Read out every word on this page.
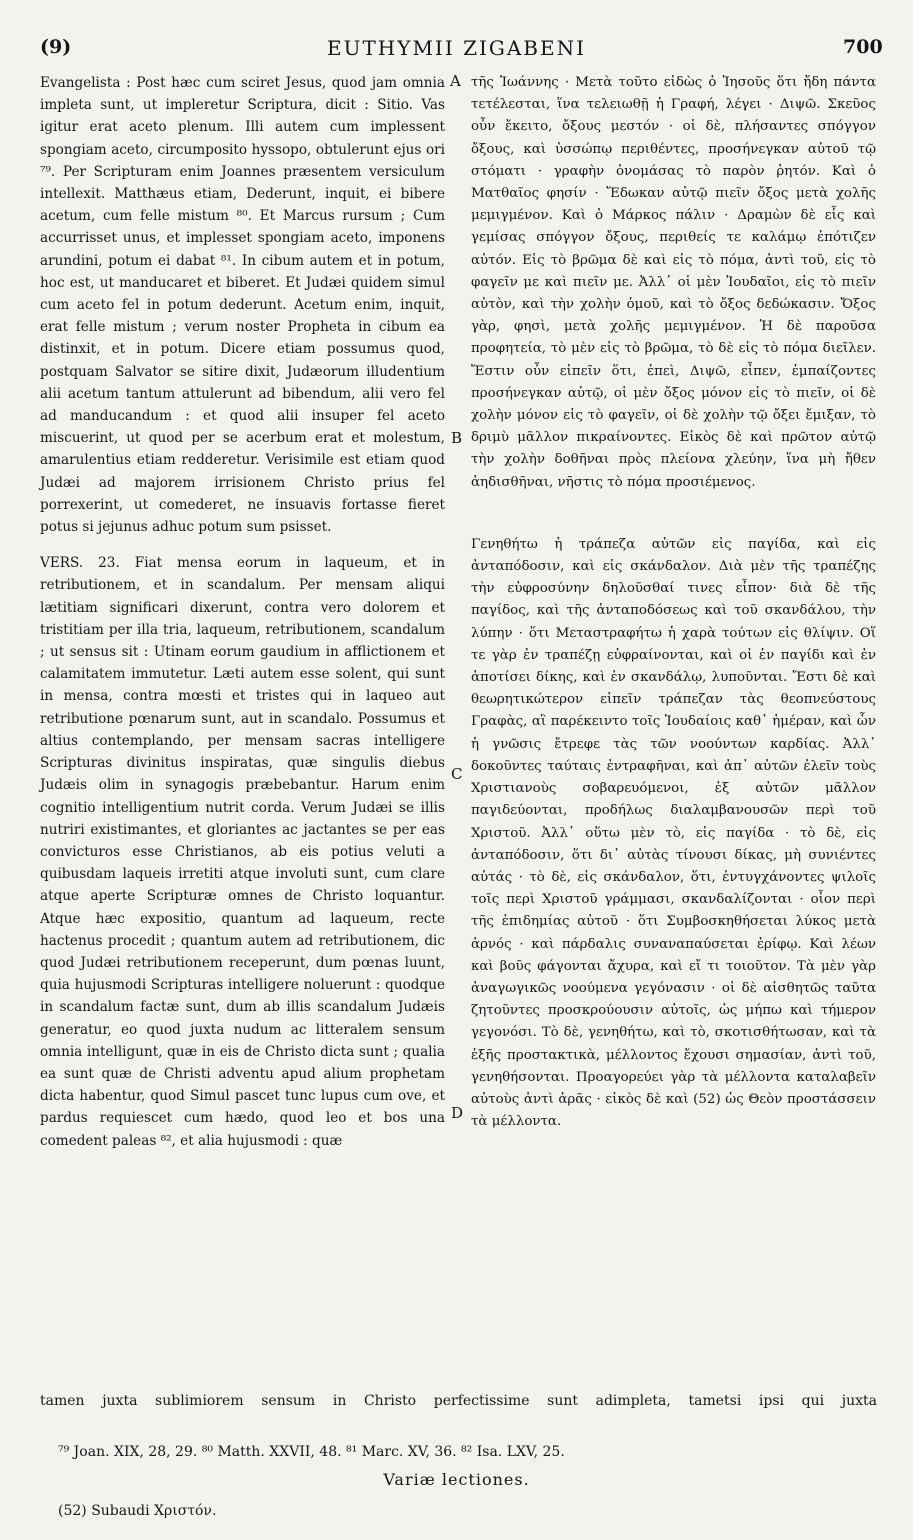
(9)	EUTHYMII ZIGABENI	700

Evangelista : Post hæc cum sciret Jesus, quod jam omnia impleta sunt, ut impleretur Scriptura, dicit : Sitio. Vas igitur erat aceto plenum. Illi autem cum implessent spongiam aceto, circumposito hyssopo, obtulerunt ejus ori ⁷⁹. Per Scripturam enim Joannes præsentem versiculum intellexit. Matthæus etiam, Dederunt, inquit, ei bibere acetum, cum felle mistum ⁸⁰. Et Marcus rursum ; Cum accurrisset unus, et implesset spongiam aceto, imponens arundini, potum ei dabat ⁸¹. In cibum autem et in potum, hoc est, ut manducaret et biberet. Et Judæi quidem simul cum aceto fel in potum dederunt. Acetum enim, inquit, erat felle mistum ; verum noster Propheta in cibum ea distinxit, et in potum. Dicere etiam possumus quod, postquam Salvator se sitire dixit, Judæorum illudentium alii acetum tantum attulerunt ad bibendum, alii vero fel ad manducandum : et quod alii insuper fel aceto miscuerint, ut quod per se acerbum erat et molestum, amarulentius etiam redderetur. Verisimile est etiam quod Judæi ad majorem irrisionem Christo prius fel porrexerint, ut comederet, ne insuavis fortasse fieret potus si jejunus adhuc potum sum psisset.

VERS. 23. Fiat mensa eorum in laqueum, et in retributionem, et in scandalum. Per mensam aliqui lætitiam significari dixerunt, contra vero dolorem et tristitiam per illa tria, laqueum, retributionem, scandalum ; ut sensus sit : Utinam eorum gaudium in afflictionem et calamitatem immutetur. Læti autem esse solent, qui sunt in mensa, contra mœsti et tristes qui in laqueo aut retributione pœnarum sunt, aut in scandalo. Possumus et altius contemplando, per mensam sacras intelligere Scripturas divinitus inspiratas, quæ singulis diebus Judæis olim in synagogis præbebantur. Harum enim cognitio intelligentium nutrit corda. Verum Judæi se illis nutriri existimantes, et gloriantes ac jactantes se per eas convicturos esse Christianos, ab eis potius veluti a quibusdam laqueis irretiti atque involuti sunt, cum clare atque aperte Scripturæ omnes de Christo loquantur. Atque hæc expositio, quantum ad laqueum, recte hactenus procedit ; quantum autem ad retributionem, dic quod Judæi retributionem receperunt, dum pœnas luunt, quia hujusmodi Scripturas intelligere noluerunt : quodque in scandalum factæ sunt, dum ab illis scandalum Judæis generatur, eo quod juxta nudum ac litteralem sensum omnia intelligunt, quæ in eis de Christo dicta sunt ; qualia ea sunt quæ de Christi adventu apud alium prophetam dicta habentur, quod Simul pascet tunc lupus cum ove, et pardus requiescet cum hædo, quod leo et bos una comedent paleas ⁸², et alia hujusmodi : quæ

τῆς Ἰωάννης · Μετὰ τοῦτο εἰδὼς ὁ Ἰησοῦς ὅτι ἤδη πάντα τετέλεσται, ἵνα τελειωθῇ ἡ Γραφή, λέγει · Διψῶ. Σκεῦος οὖν ἔκειτο, ὄξους μεστόν · οἱ δὲ, πλήσαντες σπόγγον ὄξους, καὶ ὑσσώπῳ περιθέντες, προσήνεγκαν αὐτοῦ τῷ στόματι · γραφὴν ὀνομάσας τὸ παρὸν ῥητόν. Καὶ ὁ Ματθαῖος φησίν · Ἔδωκαν αὐτῷ πιεῖν ὄξος μετὰ χολῆς μεμιγμένον. Καὶ ὁ Μάρκος πάλιν · Δραμὼν δὲ εἷς καὶ γεμίσας σπόγγον ὄξους, περιθείς τε καλάμῳ ἐπότιζεν αὐτόν. Εἰς τὸ βρῶμα δὲ καὶ εἰς τὸ πόμα, ἀντὶ τοῦ, εἰς τὸ φαγεῖν με καὶ πιεῖν με. Ἀλλ᾽ οἱ μὲν Ἰουδαῖοι, εἰς τὸ πιεῖν αὐτὸν, καὶ τὴν χολὴν ὁμοῦ, καὶ τὸ ὄξος δεδώκασιν. Ὄξος γὰρ, φησὶ, μετὰ χολῆς μεμιγμένον. Ἡ δὲ παροῦσα προφητεία, τὸ μὲν εἰς τὸ βρῶμα, τὸ δὲ εἰς τὸ πόμα διεῖλεν. Ἔστιν οὖν εἰπεῖν ὅτι, ἐπεὶ, Διψῶ, εἶπεν, ἐμπαίζοντες προσήνεγκαν αὐτῷ, οἱ μὲν ὄξος μόνον εἰς τὸ πιεῖν, οἱ δὲ χολὴν μόνον εἰς τὸ φαγεῖν, οἱ δὲ χολὴν τῷ ὄξει ἔμιξαν, τὸ δριμὺ μᾶλλον πικραίνοντες. Εἰκὸς δὲ καὶ πρῶτον αὐτῷ τὴν χολὴν δοθῆναι πρὸς πλείονα χλεύην, ἵνα μὴ ἤθεν ἀηδισθῆναι, νῆστις τὸ πόμα προσιέμενος.

Γενηθήτω ἡ τράπεζα αὐτῶν εἰς παγίδα, καὶ εἰς ἀνταπόδοσιν, καὶ εἰς σκάνδαλον. Διὰ μὲν τῆς τραπέζης τὴν εὐφροσύνην δηλοῦσθαί τινες εἶπον· διὰ δὲ τῆς παγίδος, καὶ τῆς ἀνταποδόσεως καὶ τοῦ σκανδάλου, τὴν λύπην · ὅτι Μεταστραφήτω ἡ χαρὰ τούτων εἰς θλίψιν. Οἵ τε γὰρ ἐν τραπέζῃ εὐφραίνονται, καὶ οἱ ἐν παγίδι καὶ ἐν ἀποτίσει δίκης, καὶ ἐν σκανδάλῳ, λυποῦνται. Ἔστι δὲ καὶ θεωρητικώτερον εἰπεῖν τράπεζαν τὰς θεοπνεύστους Γραφὰς, αἳ παρέκειντο τοῖς Ἰουδαίοις καθ᾽ ἡμέραν, καὶ ὧν ἡ γνῶσις ἔτρεφε τὰς τῶν νοούντων καρδίας. Ἀλλ᾽ δοκοῦντες ταύταις ἐντραφῆναι, καὶ ἀπ᾽ αὐτῶν ἐλεῖν τοὺς Χριστιανοὺς σοβαρευόμενοι, ἐξ αὐτῶν μᾶλλον παγιδεύονται, προδήλως διαλαμβανουσῶν περὶ τοῦ Χριστοῦ. Ἀλλ᾽ οὕτω μὲν τὸ, εἰς παγίδα · τὸ δὲ, εἰς ἀνταπόδοσιν, ὅτι δι᾽ αὐτὰς τίνουσι δίκας, μὴ συνιέντες αὐτάς · τὸ δὲ, εἰς σκάνδαλον, ὅτι, ἐντυγχάνοντες ψιλοῖς τοῖς περὶ Χριστοῦ γράμμασι, σκανδαλίζονται · οἷον περὶ τῆς ἐπιδημίας αὐτοῦ · ὅτι Συμβοσκηθήσεται λύκος μετὰ ἀρνός · καὶ πάρδαλις συναναπαύσεται ἐρίφῳ. Καὶ λέων καὶ βοῦς φάγονται ἄχυρα, καὶ εἴ τι τοιοῦτον. Τὰ μὲν γὰρ ἀναγωγικῶς νοούμενα γεγόνασιν · οἱ δὲ αἰσθητῶς ταῦτα ζητοῦντες προσκρούουσιν αὐτοῖς, ὡς μήπω καὶ τήμερον γεγονόσι. Τὸ δὲ, γενηθήτω, καὶ τὸ, σκοτισθήτωσαν, καὶ τὰ ἑξῆς προστακτικὰ, μέλλοντος ἔχουσι σημασίαν, ἀντὶ τοῦ, γενηθήσονται. Προαγορεύει γὰρ τὰ μέλλοντα καταλαβεῖν αὐτοὺς ἀντὶ ἀρᾶς · εἰκὸς δὲ καὶ (52) ὡς Θεὸν προστάσσειν τὰ μέλλοντα.

A
B
C
D
tamen juxta sublimiorem sensum in Christo perfectissime sunt adimpleta, tametsi ipsi qui juxta
⁷⁹ Joan. XIX, 28, 29. ⁸⁰ Matth. XXVII, 48. ⁸¹ Marc. XV, 36. ⁸² Isa. LXV, 25.
Variæ lectiones.
(52) Subaudi Χριστόν.
